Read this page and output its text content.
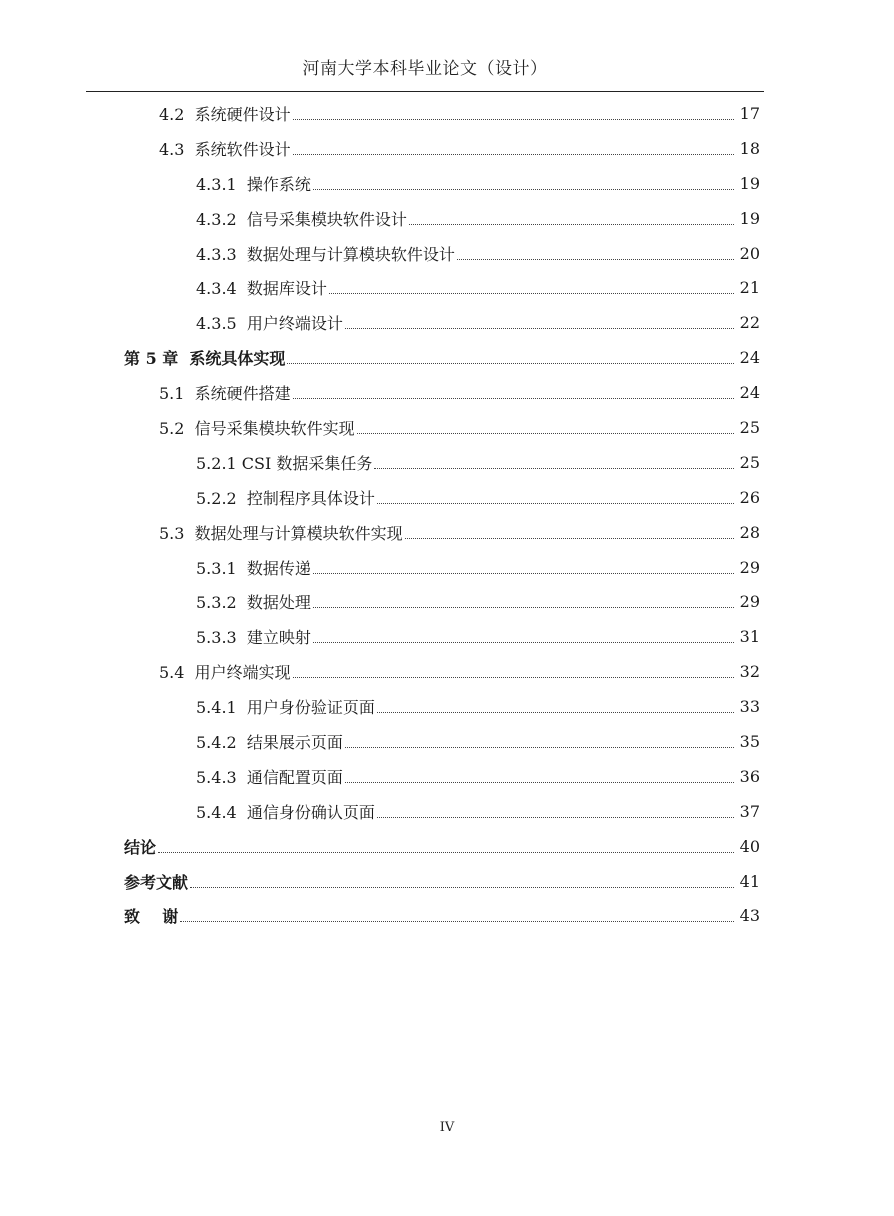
河南大学本科毕业论文（设计）
4.2  系统硬件设计	17
4.3  系统软件设计	18
4.3.1  操作系统	19
4.3.2  信号采集模块软件设计	19
4.3.3  数据处理与计算模块软件设计	20
4.3.4  数据库设计	21
4.3.5  用户终端设计	22
第 5 章  系统具体实现	24
5.1  系统硬件搭建	24
5.2  信号采集模块软件实现	25
5.2.1 CSI 数据采集任务	25
5.2.2  控制程序具体设计	26
5.3  数据处理与计算模块软件实现	28
5.3.1  数据传递	29
5.3.2  数据处理	29
5.3.3  建立映射	31
5.4  用户终端实现	32
5.4.1  用户身份验证页面	33
5.4.2  结果展示页面	35
5.4.3  通信配置页面	36
5.4.4  通信身份确认页面	37
结论	40
参考文献	41
致    谢	43
IV
